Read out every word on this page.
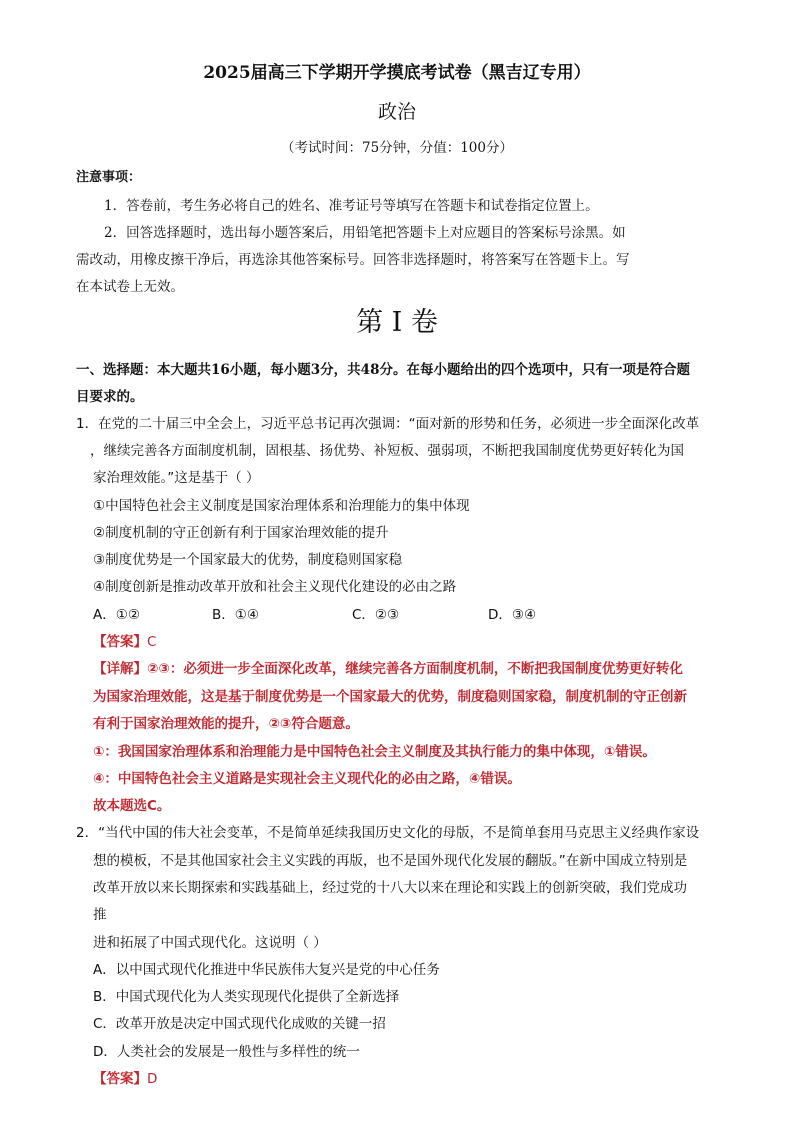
2025届高三下学期开学摸底考试卷（黑吉辽专用）
政治
（考试时间：75分钟，分值：100分）
注意事项：
1．答卷前，考生务必将自己的姓名、准考证号等填写在答题卡和试卷指定位置上。
2．回答选择题时，选出每小题答案后，用铅笔把答题卡上对应题目的答案标号涂黑。如
需改动，用橡皮擦干净后，再选涂其他答案标号。回答非选择题时，将答案写在答题卡上。写
在本试卷上无效。
第 I 卷
一、选择题：本大题共16小题，每小题3分，共48分。在每小题给出的四个选项中，只有一项是符合题
目要求的。
1．在党的二十届三中全会上，习近平总书记再次强调：“面对新的形势和任务，必须进一步全面深化改革
，继续完善各方面制度机制，固根基、扬优势、补短板、强弱项，不断把我国制度优势更好转化为国
家治理效能。”这是基于（ ）
①中国特色社会主义制度是国家治理体系和治理能力的集中体现
②制度机制的守正创新有利于国家治理效能的提升
③制度优势是一个国家最大的优势，制度稳则国家稳
④制度创新是推动改革开放和社会主义现代化建设的必由之路
A．①②	B．①④	C．②③	D．③④
【答案】C
【详解】②③：必须进一步全面深化改革，继续完善各方面制度机制，不断把我国制度优势更好转化
为国家治理效能，这是基于制度优势是一个国家最大的优势，制度稳则国家稳，制度机制的守正创新
有利于国家治理效能的提升，②③符合题意。
①：我国国家治理体系和治理能力是中国特色社会主义制度及其执行能力的集中体现，①错误。
④：中国特色社会主义道路是实现社会主义现代化的必由之路，④错误。
故本题选C。
2．“当代中国的伟大社会变革，不是简单延续我国历史文化的母版，不是简单套用马克思主义经典作家设
想的模板，不是其他国家社会主义实践的再版，也不是国外现代化发展的翻版。”在新中国成立特别是
改革开放以来长期探索和实践基础上，经过党的十八大以来在理论和实践上的创新突破，我们党成功
推
进和拓展了中国式现代化。这说明（ ）
A．以中国式现代化推进中华民族伟大复兴是党的中心任务
B．中国式现代化为人类实现现代化提供了全新选择
C．改革开放是决定中国式现代化成败的关键一招
D．人类社会的发展是一般性与多样性的统一
【答案】D
